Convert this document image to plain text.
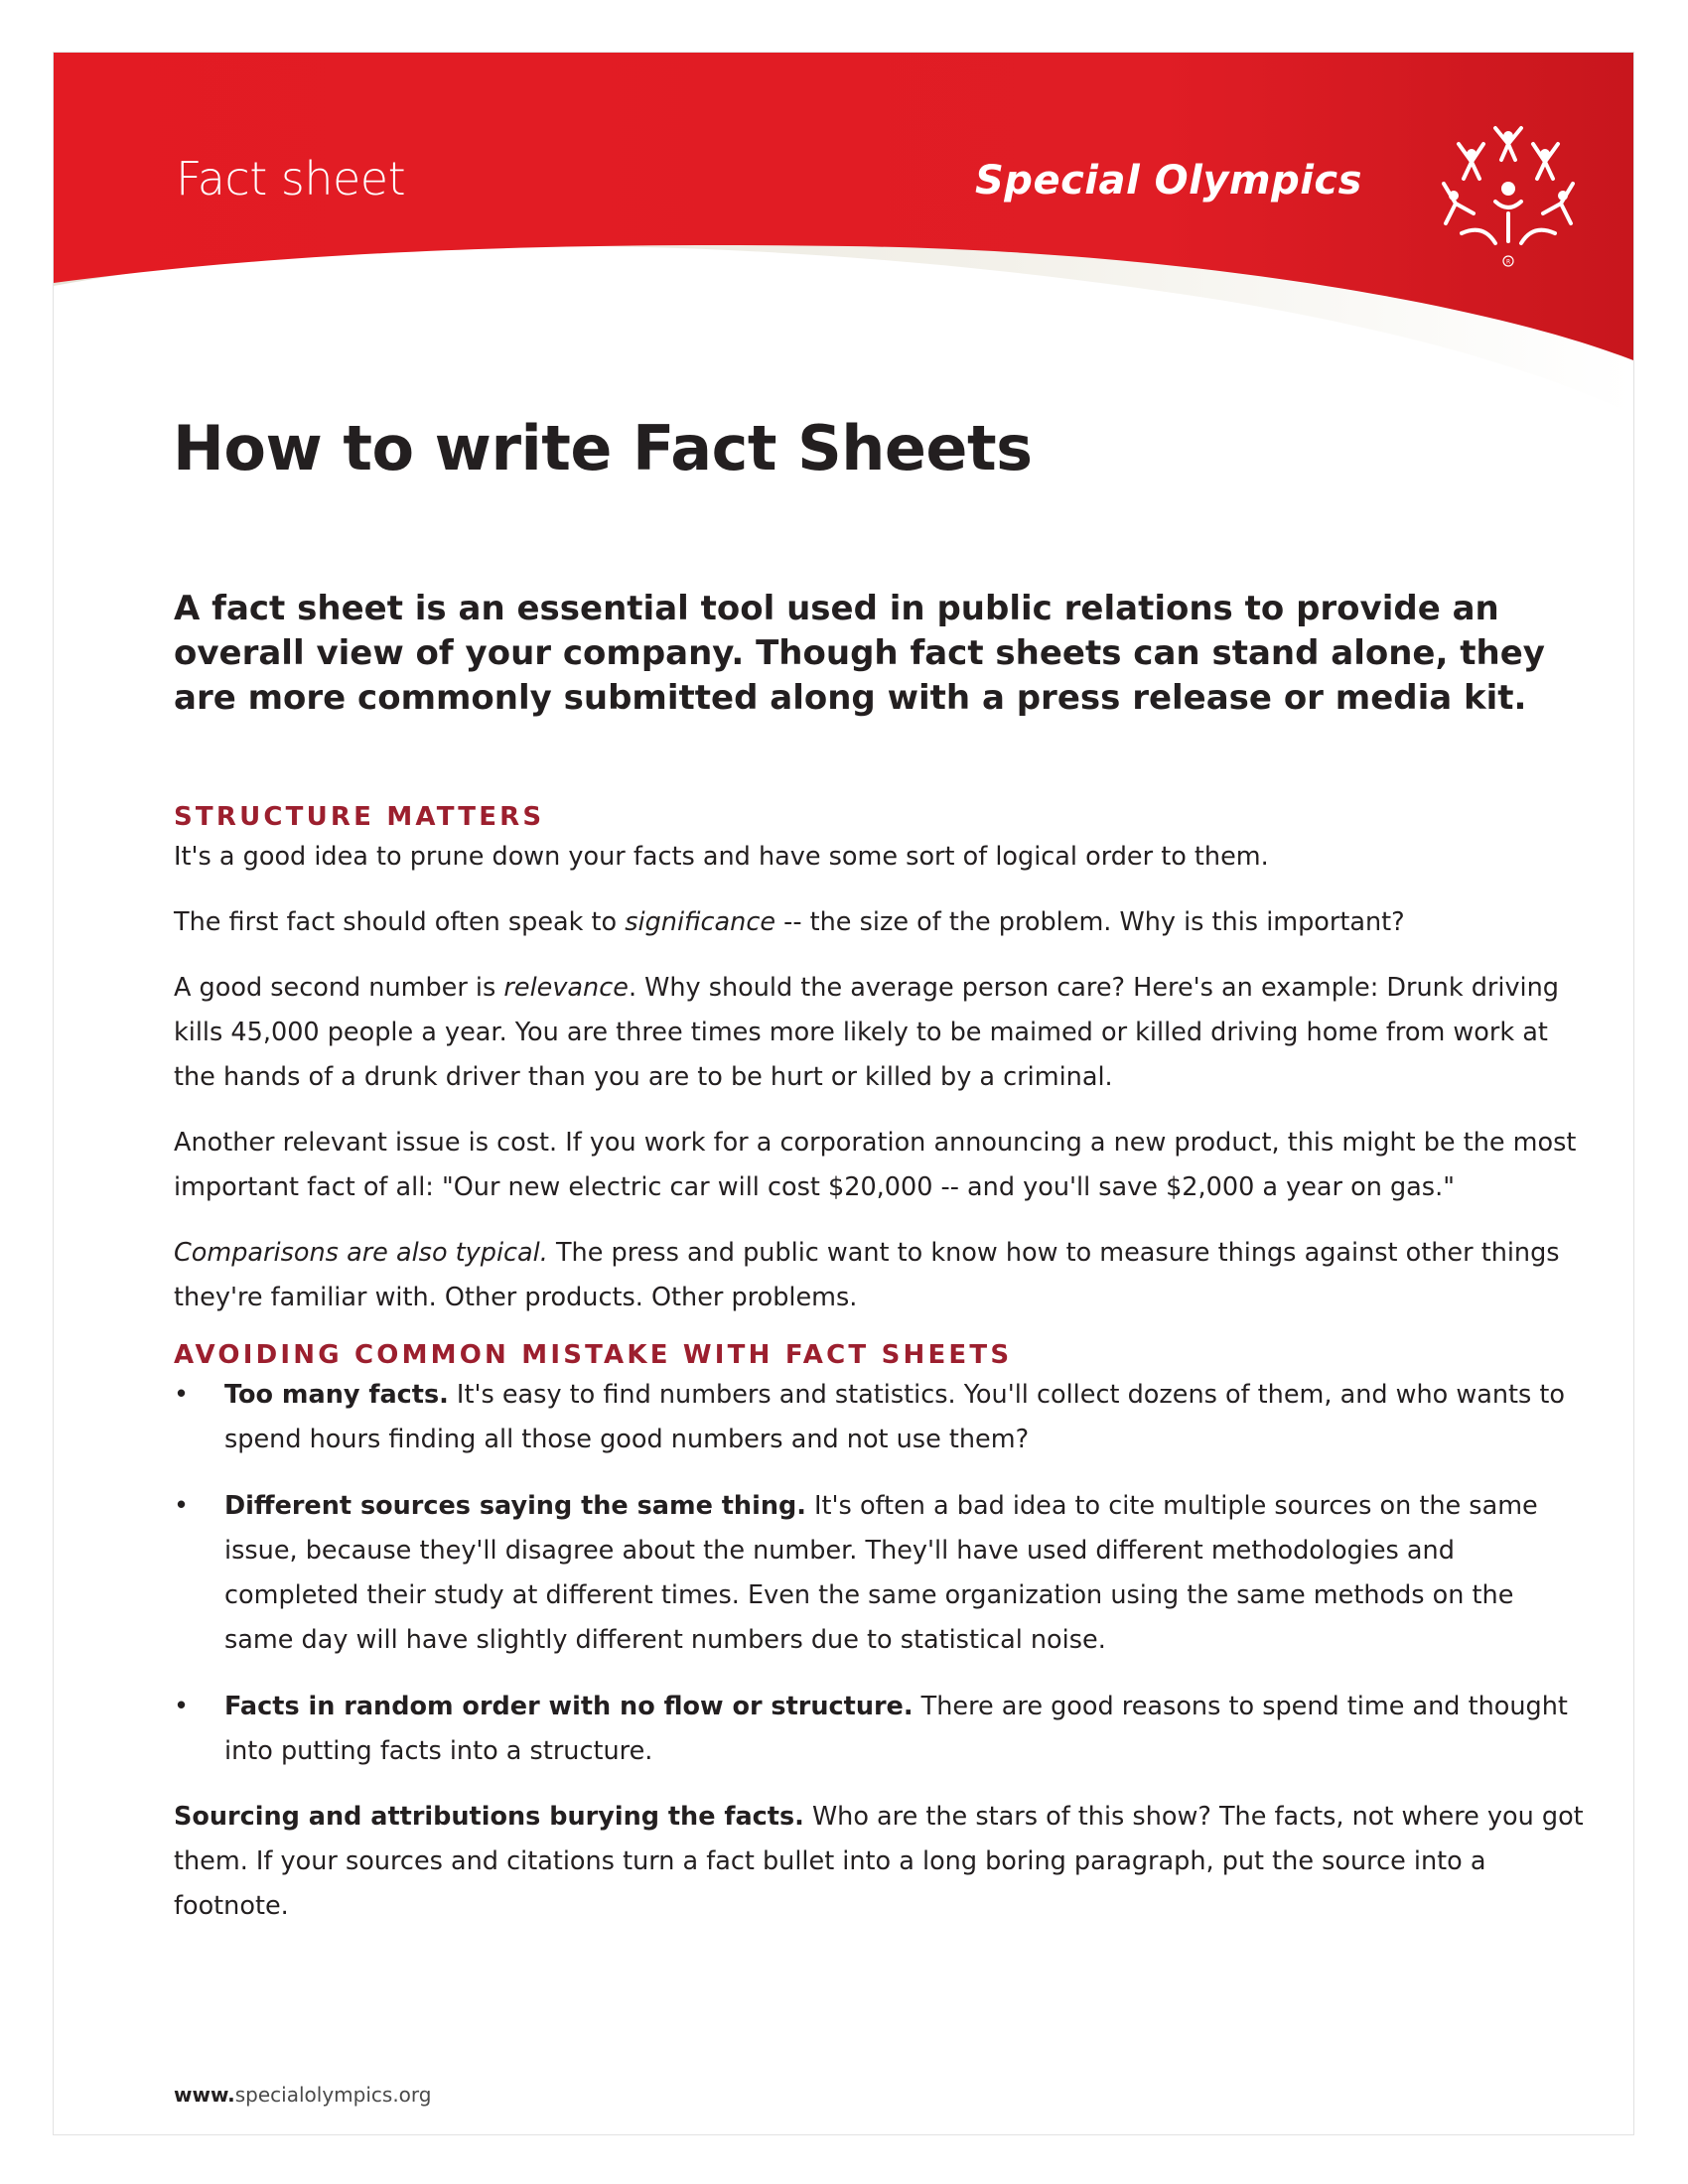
Fact sheet	Special Olympics
R
How to write Fact Sheets

A fact sheet is an essential tool used in public relations to provide an overall view of your company. Though fact sheets can stand alone, they are more commonly submitted along with a press release or media kit.

STRUCTURE MATTERS

It's a good idea to prune down your facts and have some sort of logical order to them.

The first fact should often speak to significance -- the size of the problem. Why is this important?

A good second number is relevance. Why should the average person care? Here's an example: Drunk driving kills 45,000 people a year. You are three times more likely to be maimed or killed driving home from work at the hands of a drunk driver than you are to be hurt or killed by a criminal.

Another relevant issue is cost. If you work for a corporation announcing a new product, this might be the most important fact of all: "Our new electric car will cost $20,000 -- and you'll save $2,000 a year on gas."

Comparisons are also typical. The press and public want to know how to measure things against other things they're familiar with. Other products. Other problems.

AVOIDING COMMON MISTAKE WITH FACT SHEETS
• Too many facts. It's easy to find numbers and statistics. You'll collect dozens of them, and who wants to spend hours finding all those good numbers and not use them?
• Different sources saying the same thing. It's often a bad idea to cite multiple sources on the same issue, because they'll disagree about the number. They'll have used different methodologies and completed their study at different times. Even the same organization using the same methods on the same day will have slightly different numbers due to statistical noise.
• Facts in random order with no flow or structure. There are good reasons to spend time and thought into putting facts into a structure.

Sourcing and attributions burying the facts. Who are the stars of this show? The facts, not where you got them. If your sources and citations turn a fact bullet into a long boring paragraph, put the source into a footnote.

www.specialolympics.org
